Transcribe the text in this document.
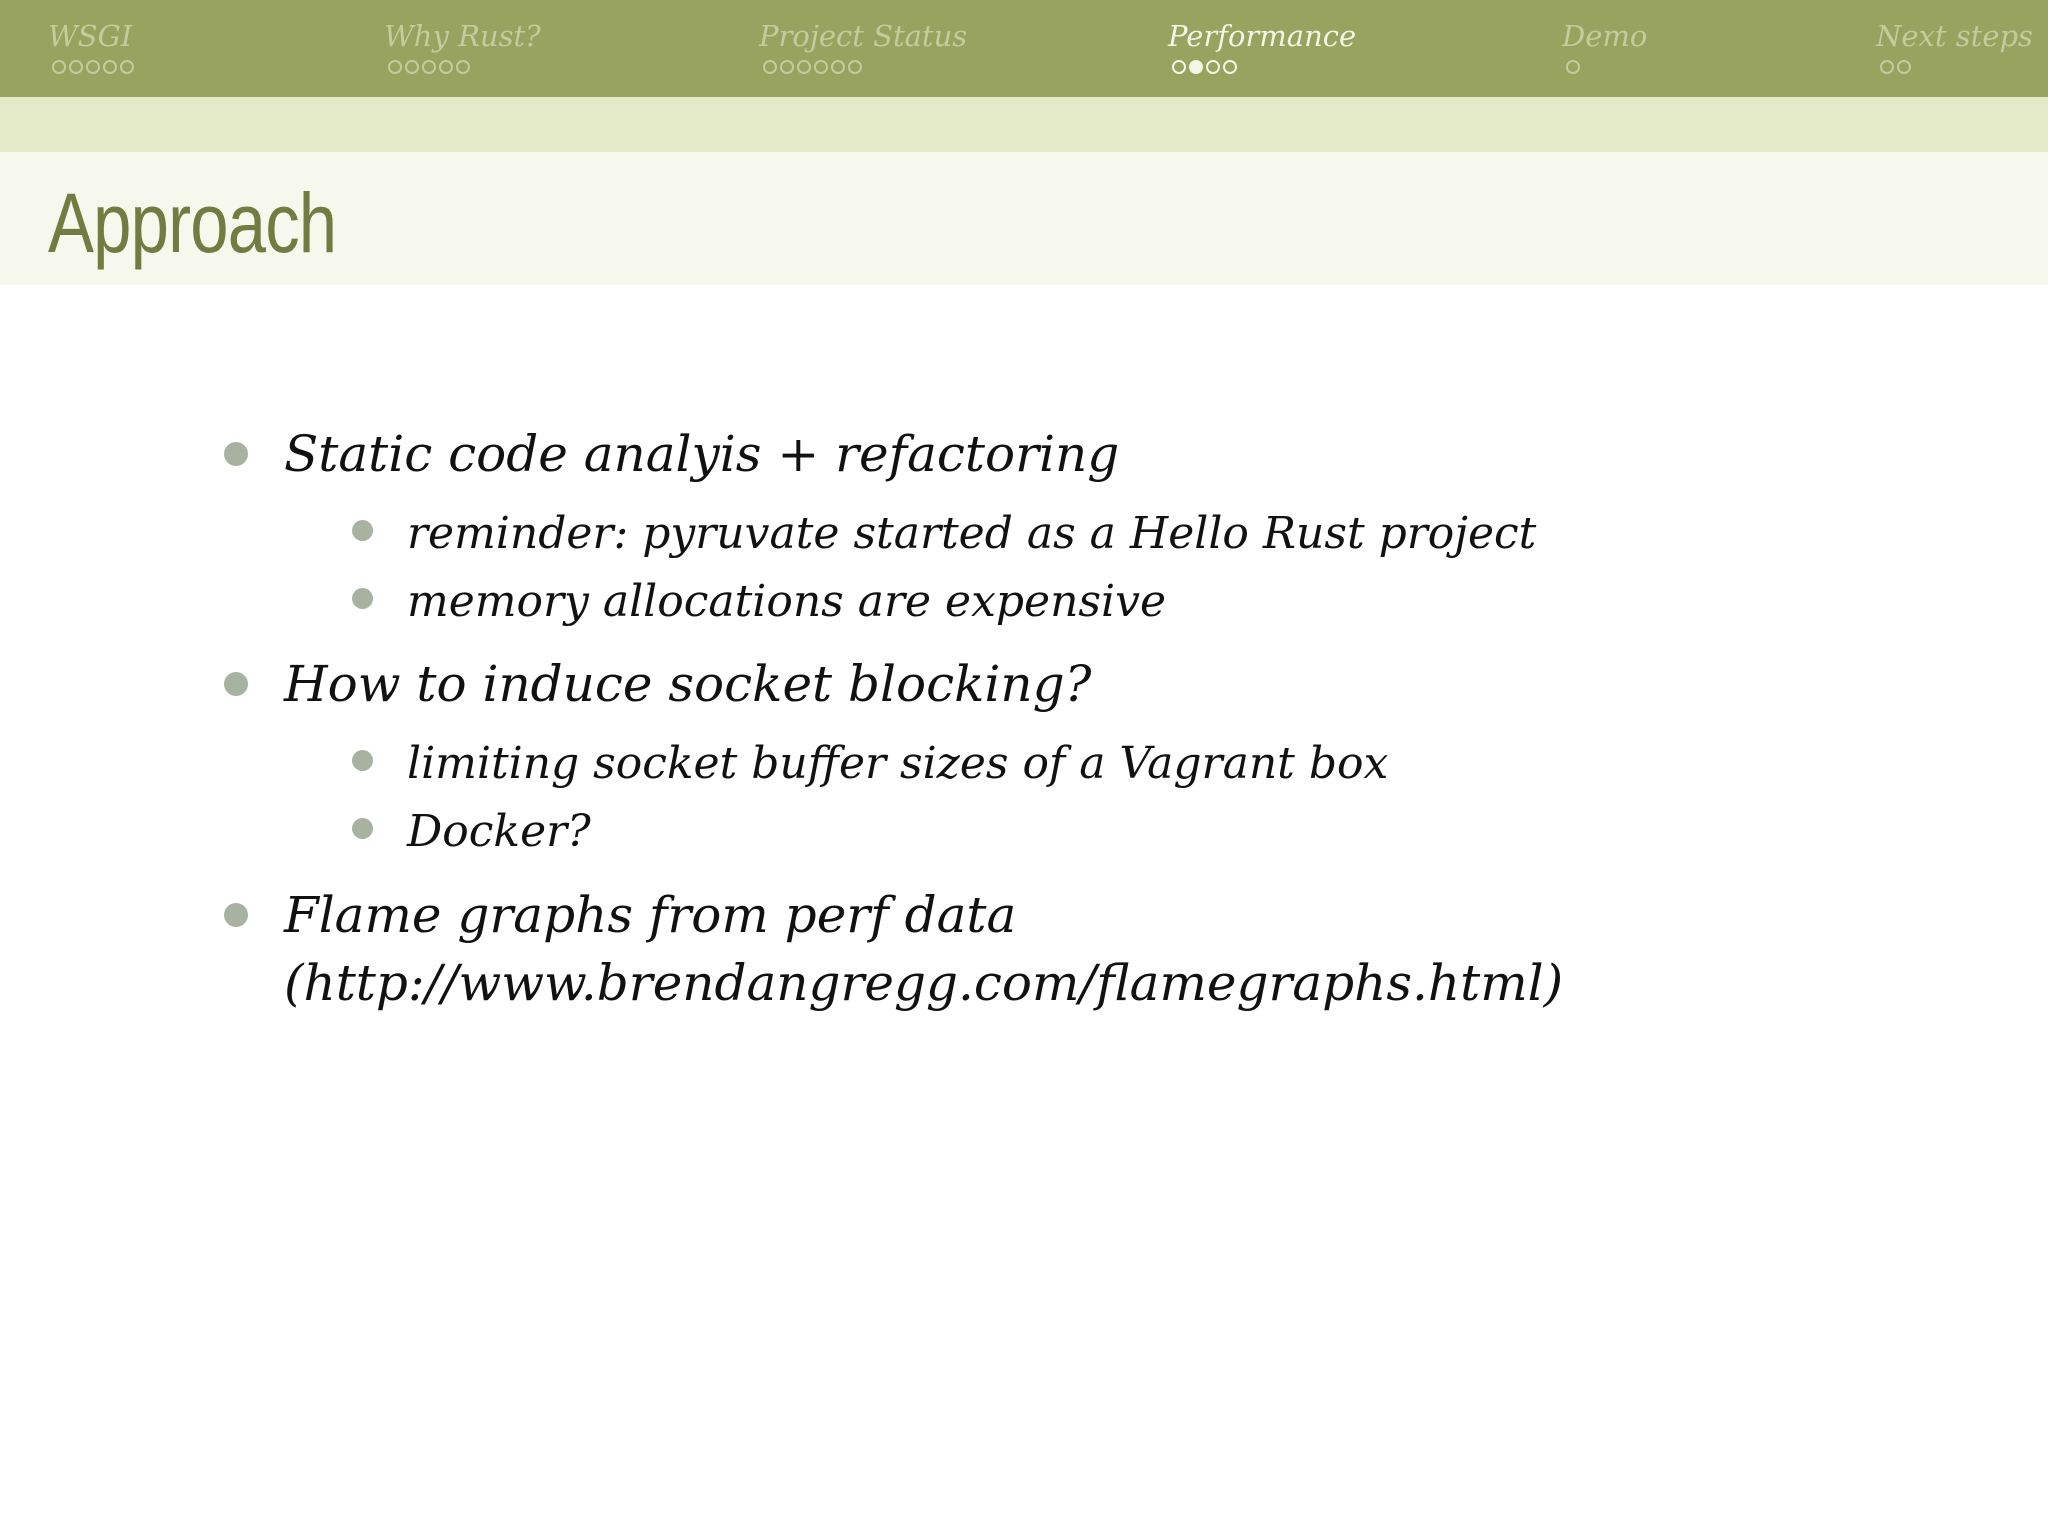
WSGI	Why Rust?	Project Status	Performance	Demo	Next steps
Approach
Static code analyis + refactoring
reminder: pyruvate started as a Hello Rust project
memory allocations are expensive
How to induce socket blocking?
limiting socket buffer sizes of a Vagrant box
Docker?
Flame graphs from perf data
(http://www.brendangregg.com/flamegraphs.html)
